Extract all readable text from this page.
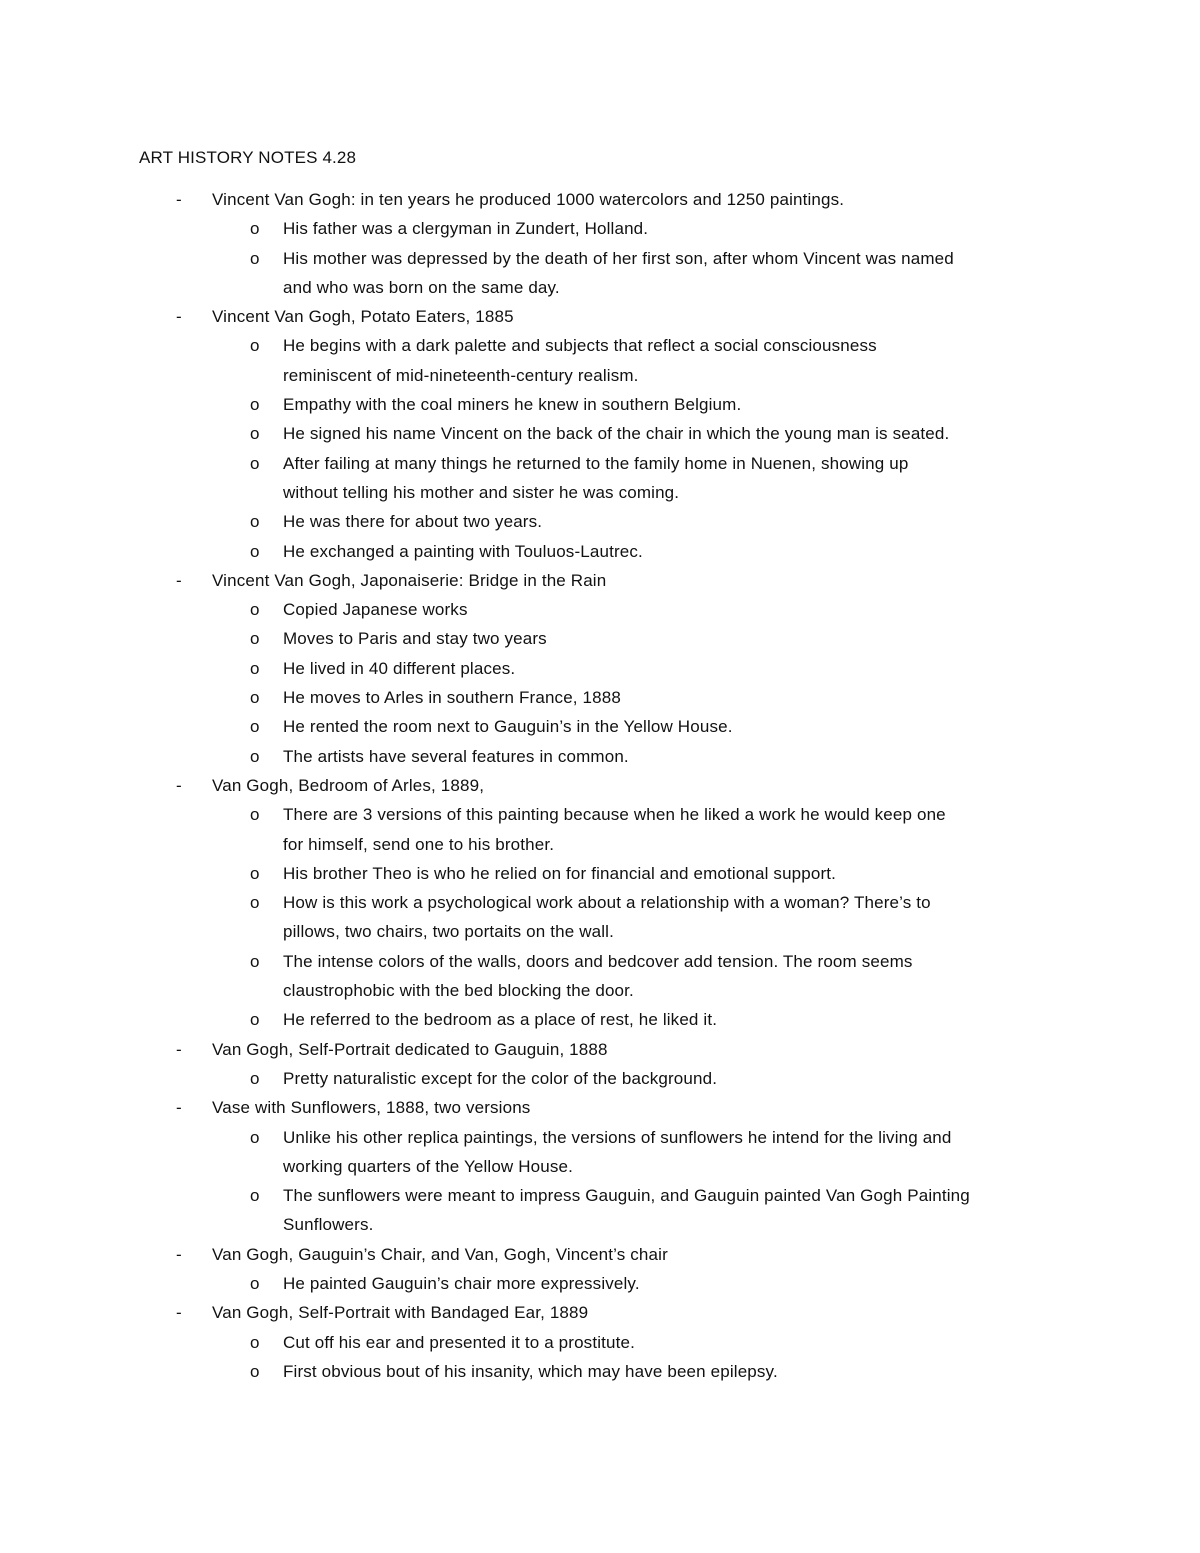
ART HISTORY NOTES 4.28
- Vincent Van Gogh: in ten years he produced 1000 watercolors and 1250 paintings.
o His father was a clergyman in Zundert, Holland.
o His mother was depressed by the death of her first son, after whom Vincent was named
and who was born on the same day.
- Vincent Van Gogh, Potato Eaters, 1885
o He begins with a dark palette and subjects that reflect a social consciousness
reminiscent of mid-nineteenth-century realism.
o Empathy with the coal miners he knew in southern Belgium.
o He signed his name Vincent on the back of the chair in which the young man is seated.
o After failing at many things he returned to the family home in Nuenen, showing up
without telling his mother and sister he was coming.
o He was there for about two years.
o He exchanged a painting with Touluos-Lautrec.
- Vincent Van Gogh, Japonaiserie: Bridge in the Rain
o Copied Japanese works
o Moves to Paris and stay two years
o He lived in 40 different places.
o He moves to Arles in southern France, 1888
o He rented the room next to Gauguin’s in the Yellow House.
o The artists have several features in common.
- Van Gogh, Bedroom of Arles, 1889,
o There are 3 versions of this painting because when he liked a work he would keep one
for himself, send one to his brother.
o His brother Theo is who he relied on for financial and emotional support.
o How is this work a psychological work about a relationship with a woman? There’s to
pillows, two chairs, two portaits on the wall.
o The intense colors of the walls, doors and bedcover add tension. The room seems
claustrophobic with the bed blocking the door.
o He referred to the bedroom as a place of rest, he liked it.
- Van Gogh, Self-Portrait dedicated to Gauguin, 1888
o Pretty naturalistic except for the color of the background.
- Vase with Sunflowers, 1888, two versions
o Unlike his other replica paintings, the versions of sunflowers he intend for the living and
working quarters of the Yellow House.
o The sunflowers were meant to impress Gauguin, and Gauguin painted Van Gogh Painting
Sunflowers.
- Van Gogh, Gauguin’s Chair, and Van, Gogh, Vincent’s chair
o He painted Gauguin’s chair more expressively.
- Van Gogh, Self-Portrait with Bandaged Ear, 1889
o Cut off his ear and presented it to a prostitute.
o First obvious bout of his insanity, which may have been epilepsy.
